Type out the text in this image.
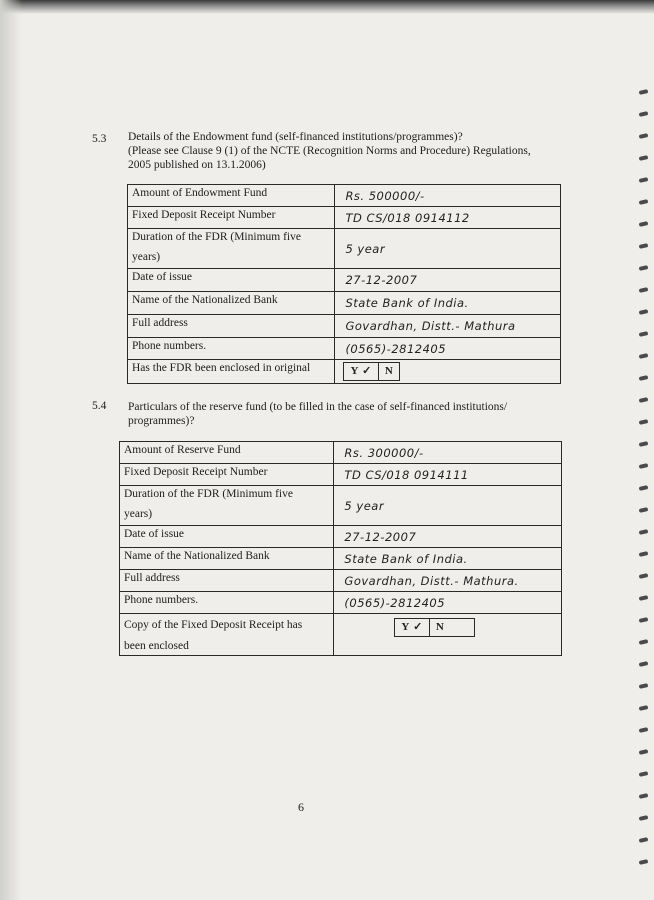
5.3 Details of the Endowment fund (self-financed institutions/programmes)?
(Please see Clause 9 (1) of the NCTE (Recognition Norms and Procedure) Regulations,
2005 published on 13.1.2006)
Amount of Endowment Fund	Rs. 500000/-
Fixed Deposit Receipt Number	TD CS/018 0914112

Duration of the FDR (Minimum five
years)	5 year
Date of issue	27-12-2007
Name of the Nationalized Bank	State Bank of India.
Full address	Govardhan, Distt.- Mathura
Phone numbers.	(0565)-2812405
Has the FDR been enclosed in original	Y ✓ N
5.4 Particulars of the reserve fund (to be filled in the case of self-financed institutions/
programmes)?
Amount of Reserve Fund	Rs. 300000/-
Fixed Deposit Receipt Number	TD CS/018 0914111

Duration of the FDR (Minimum five
years)	5 year
Date of issue	27-12-2007
Name of the Nationalized Bank	State Bank of India.
Full address	Govardhan, Distt.- Mathura.
Phone numbers.	(0565)-2812405

Copy of the Fixed Deposit Receipt has
been enclosed	Y ✓ N
6
